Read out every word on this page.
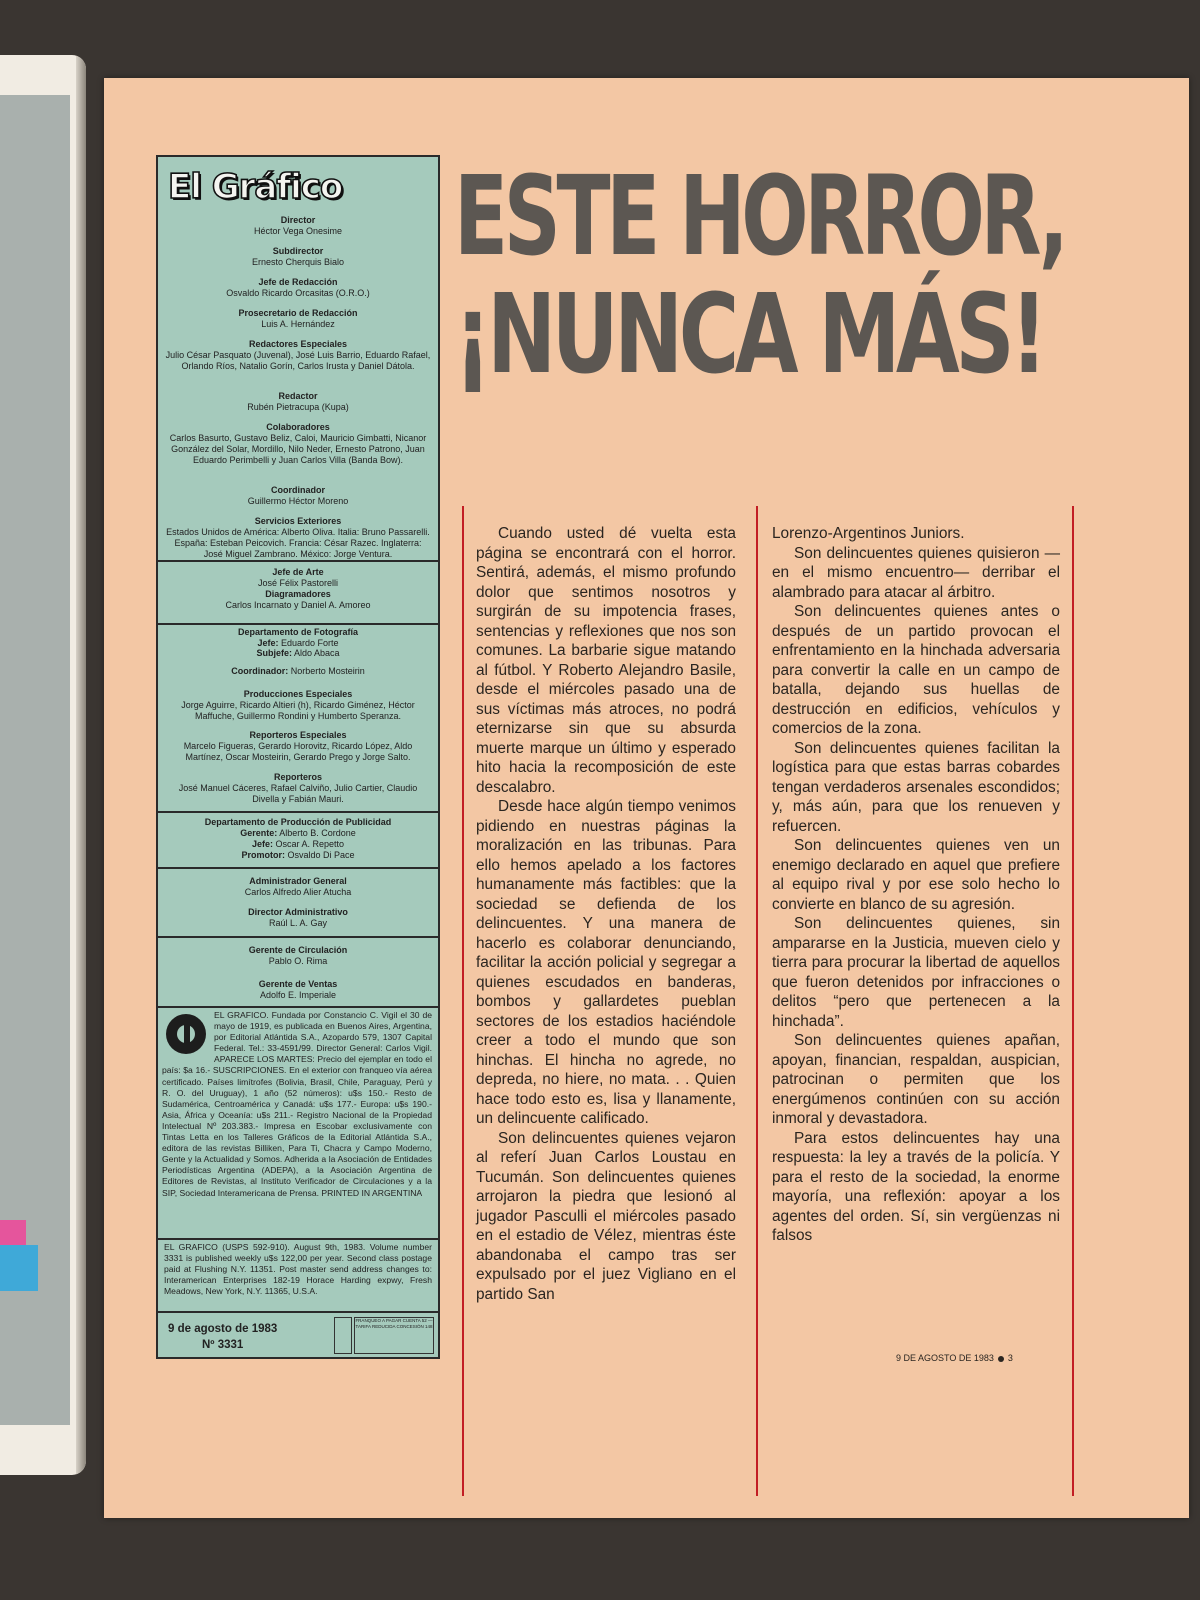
El Gráfico
Director
Héctor Vega Onesime
Subdirector
Ernesto Cherquis Bialo
Jefe de Redacción
Osvaldo Ricardo Orcasitas (O.R.O.)
Prosecretario de Redacción
Luis A. Hernández
Redactores Especiales
Julio César Pasquato (Juvenal), José Luis Barrio, Eduardo Rafael, Orlando Ríos, Natalio Gorín, Carlos Irusta y Daniel Dátola.
Redactor
Rubén Pietracupa (Kupa)
Colaboradores
Carlos Basurto, Gustavo Beliz, Caloi, Mauricio Gimbatti, Nicanor González del Solar, Mordillo, Nilo Neder, Ernesto Patrono, Juan Eduardo Perimbelli y Juan Carlos Villa (Banda Bow).
Coordinador
Guillermo Héctor Moreno
Servicios Exteriores
Estados Unidos de América: Alberto Oliva. Italia: Bruno Passarelli. España: Esteban Peicovich. Francia: César Razec. Inglaterra: José Miguel Zambrano. México: Jorge Ventura.
Jefe de Arte
José Félix Pastorelli
Diagramadores
Carlos Incarnato y Daniel A. Amoreo
Departamento de Fotografía
Jefe: Eduardo Forte
Subjefe: Aldo Abaca
Coordinador: Norberto Mosteirin
Producciones Especiales
Jorge Aguirre, Ricardo Altieri (h), Ricardo Giménez, Héctor Maffuche, Guillermo Rondini y Humberto Speranza.
Reporteros Especiales
Marcelo Figueras, Gerardo Horovitz, Ricardo López, Aldo Martínez, Oscar Mosteirin, Gerardo Prego y Jorge Salto.
Reporteros
José Manuel Cáceres, Rafael Calviño, Julio Cartier, Claudio Divella y Fabián Mauri.
Departamento de Producción de Publicidad
Gerente: Alberto B. Cordone
Jefe: Oscar A. Repetto
Promotor: Osvaldo Di Pace
Administrador General
Carlos Alfredo Alier Atucha
Director Administrativo
Raúl L. A. Gay
Gerente de Circulación
Pablo O. Rima
Gerente de Ventas
Adolfo E. Imperiale
EL GRAFICO. Fundada por Constancio C. Vigil el 30 de mayo de 1919, es publicada en Buenos Aires, Argentina, por Editorial Atlántida S.A., Azopardo 579, 1307 Capital Federal. Tel.: 33-4591/99. Director General: Carlos Vigil. APARECE LOS MARTES: Precio del ejemplar en todo el país: $a 16.- SUSCRIPCIONES. En el exterior con franqueo vía aérea certificado. Países limítrofes (Bolivia, Brasil, Chile, Paraguay, Perú y R. O. del Uruguay), 1 año (52 números): u$s 150.- Resto de Sudamérica, Centroamérica y Canadá: u$s 177.- Europa: u$s 190.- Asia, África y Oceanía: u$s 211.- Registro Nacional de la Propiedad Intelectual Nº 203.383.- Impresa en Escobar exclusivamente con Tintas Letta en los Talleres Gráficos de la Editorial Atlántida S.A., editora de las revistas Billiken, Para Ti, Chacra y Campo Moderno, Gente y la Actualidad y Somos. Adherida a la Asociación de Entidades Periodísticas Argentina (ADEPA), a la Asociación Argentina de Editores de Revistas, al Instituto Verificador de Circulaciones y a la SIP, Sociedad Interamericana de Prensa. PRINTED IN ARGENTINA
EL GRAFICO (USPS 592-910). August 9th, 1983. Volume number 3331 is published weekly u$s 122,00 per year. Second class postage paid at Flushing N.Y. 11351. Post master send address changes to: Interamerican Enterprises 182-19 Horace Harding expwy, Fresh Meadows, New York, N.Y. 11365, U.S.A.
9 de agosto de 1983
Nº 3331
FRANQUEO A PAGAR CUENTA 52 — TARIFA REDUCIDA CONCESIÓN 148
ESTE HORROR,
¡NUNCA MÁS!

Cuando usted dé vuelta esta página se encontrará con el horror. Sentirá, además, el mismo profundo dolor que sentimos nosotros y surgirán de su impotencia frases, sentencias y reflexiones que nos son comunes. La barbarie sigue matando al fútbol. Y Roberto Alejandro Basile, desde el miércoles pasado una de sus víctimas más atroces, no podrá eternizarse sin que su absurda muerte marque un último y esperado hito hacia la recomposición de este descalabro.

Desde hace algún tiempo venimos pidiendo en nuestras páginas la moralización en las tribunas. Para ello hemos apelado a los factores humanamente más factibles: que la sociedad se defienda de los delincuentes. Y una manera de hacerlo es colaborar denunciando, facilitar la acción policial y segregar a quienes escudados en banderas, bombos y gallardetes pueblan sectores de los estadios haciéndole creer a todo el mundo que son hinchas. El hincha no agrede, no depreda, no hiere, no mata. . . Quien hace todo esto es, lisa y llanamente, un delincuente calificado.

Son delincuentes quienes vejaron al referí Juan Carlos Loustau en Tucumán. Son delincuentes quienes arrojaron la piedra que lesionó al jugador Pasculli el miércoles pasado en el estadio de Vélez, mientras éste abandonaba el campo tras ser expulsado por el juez Vigliano en el partido San

Lorenzo-Argentinos Juniors.

Son delincuentes quienes quisieron —en el mismo encuentro— derribar el alambrado para atacar al árbitro.

Son delincuentes quienes antes o después de un partido provocan el enfrentamiento en la hinchada adversaria para convertir la calle en un campo de batalla, dejando sus huellas de destrucción en edificios, vehículos y comercios de la zona.

Son delincuentes quienes facilitan la logística para que estas barras cobardes tengan verdaderos arsenales escondidos; y, más aún, para que los renueven y refuercen.

Son delincuentes quienes ven un enemigo declarado en aquel que prefiere al equipo rival y por ese solo hecho lo convierte en blanco de su agresión.

Son delincuentes quienes, sin ampararse en la Justicia, mueven cielo y tierra para procurar la libertad de aquellos que fueron detenidos por infracciones o delitos “pero que pertenecen a la hinchada”.

Son delincuentes quienes apañan, apoyan, financian, respaldan, auspician, patrocinan o permiten que los energúmenos continúen con su acción inmoral y devastadora.

Para estos delincuentes hay una respuesta: la ley a través de la policía. Y para el resto de la sociedad, la enorme mayoría, una reflexión: apoyar a los agentes del orden. Sí, sin vergüenzas ni falsos

9 DE AGOSTO DE 1983 3
